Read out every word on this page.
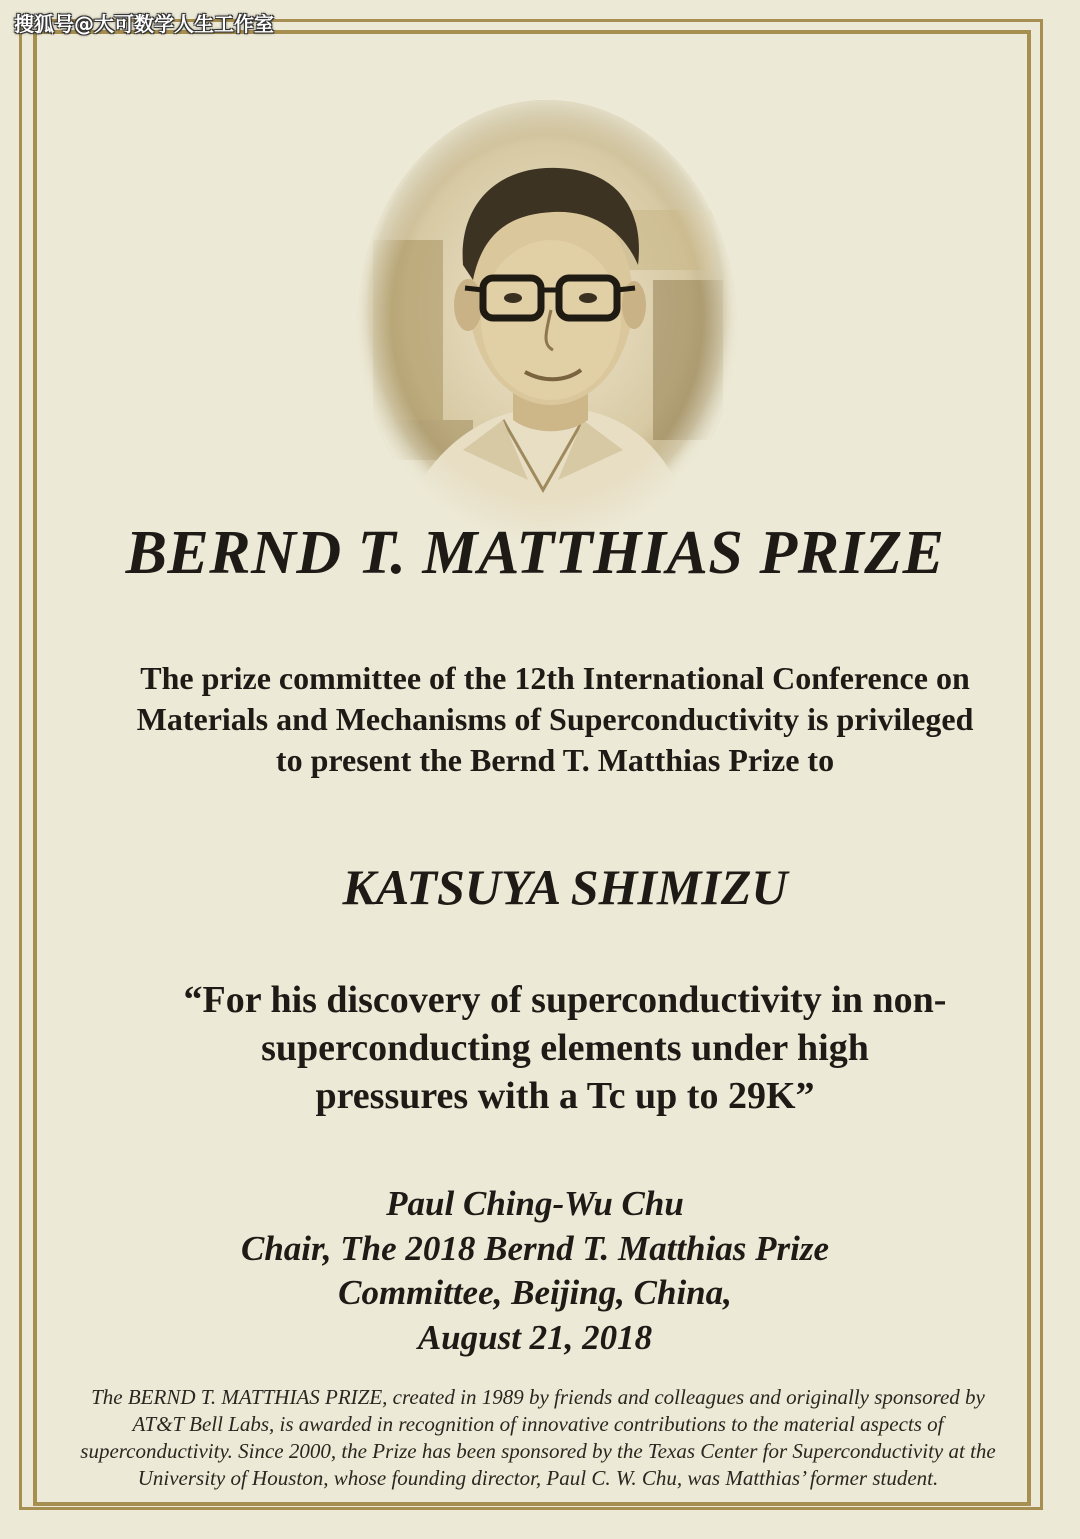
搜狐号@大可数学人生工作室
BERND T. MATTHIAS PRIZE
The prize committee of the 12th International Conference on
Materials and Mechanisms of Superconductivity is privileged
to present the Bernd T. Matthias Prize to
KATSUYA SHIMIZU
“For his discovery of superconductivity in non-
superconducting elements under high
pressures with a Tc up to 29K”
Paul Ching-Wu Chu
Chair, The 2018 Bernd T. Matthias Prize
Committee, Beijing, China,
August 21, 2018
The BERND T. MATTHIAS PRIZE, created in 1989 by friends and colleagues and originally sponsored by
AT&T Bell Labs, is awarded in recognition of innovative contributions to the material aspects of
superconductivity. Since 2000, the Prize has been sponsored by the Texas Center for Superconductivity at the
University of Houston, whose founding director, Paul C. W. Chu, was Matthias’ former student.
